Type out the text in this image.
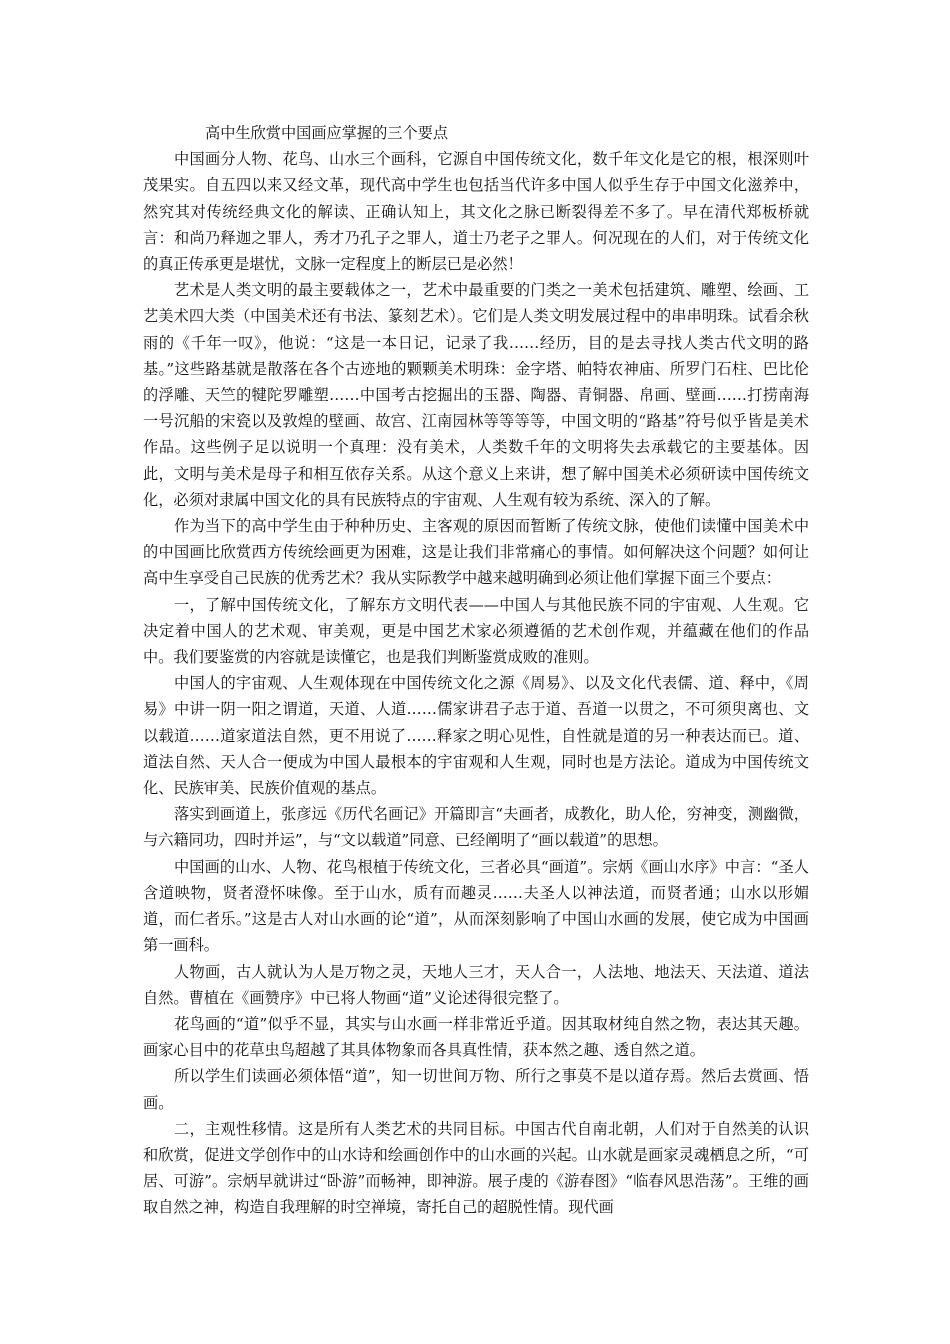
高中生欣赏中国画应掌握的三个要点

中国画分人物、花鸟、山水三个画科，它源自中国传统文化，数千年文化是它的根，根深则叶茂果实。自五四以来又经文革，现代高中学生也包括当代许多中国人似乎生存于中国文化滋养中，然究其对传统经典文化的解读、正确认知上，其文化之脉已断裂得差不多了。早在清代郑板桥就言：和尚乃释迦之罪人，秀才乃孔子之罪人，道士乃老子之罪人。何况现在的人们，对于传统文化的真正传承更是堪忧，文脉一定程度上的断层已是必然！

艺术是人类文明的最主要载体之一，艺术中最重要的门类之一美术包括建筑、雕塑、绘画、工艺美术四大类（中国美术还有书法、篆刻艺术）。它们是人类文明发展过程中的串串明珠。试看余秋雨的《千年一叹》，他说：“这是一本日记，记录了我……经历，目的是去寻找人类古代文明的路基。”这些路基就是散落在各个古迹地的颗颗美术明珠：金字塔、帕特农神庙、所罗门石柱、巴比伦的浮雕、天竺的犍陀罗雕塑……中国考古挖掘出的玉器、陶器、青铜器、帛画、壁画……打捞南海一号沉船的宋瓷以及敦煌的壁画、故宫、江南园林等等等等，中国文明的“路基”符号似乎皆是美术作品。这些例子足以说明一个真理：没有美术，人类数千年的文明将失去承载它的主要基体。因此，文明与美术是母子和相互依存关系。从这个意义上来讲，想了解中国美术必须研读中国传统文化，必须对隶属中国文化的具有民族特点的宇宙观、人生观有较为系统、深入的了解。

作为当下的高中学生由于种种历史、主客观的原因而暂断了传统文脉，使他们读懂中国美术中的中国画比欣赏西方传统绘画更为困难，这是让我们非常痛心的事情。如何解决这个问题？如何让高中生享受自己民族的优秀艺术？我从实际教学中越来越明确到必须让他们掌握下面三个要点：

一，了解中国传统文化，了解东方文明代表——中国人与其他民族不同的宇宙观、人生观。它决定着中国人的艺术观、审美观，更是中国艺术家必须遵循的艺术创作观，并蕴藏在他们的作品中。我们要鉴赏的内容就是读懂它，也是我们判断鉴赏成败的准则。

中国人的宇宙观、人生观体现在中国传统文化之源《周易》、以及文化代表儒、道、释中，《周易》中讲一阴一阳之谓道，天道、人道……儒家讲君子志于道、吾道一以贯之，不可须臾离也、文以载道……道家道法自然，更不用说了……释家之明心见性，自性就是道的另一种表达而已。道、道法自然、天人合一便成为中国人最根本的宇宙观和人生观，同时也是方法论。道成为中国传统文化、民族审美、民族价值观的基点。

落实到画道上，张彦远《历代名画记》开篇即言“夫画者，成教化，助人伦，穷神变，测幽微，与六籍同功，四时并运”，与“文以载道”同意、已经阐明了“画以载道”的思想。

中国画的山水、人物、花鸟根植于传统文化，三者必具“画道”。宗炳《画山水序》中言：“圣人含道映物，贤者澄怀味像。至于山水，质有而趣灵……夫圣人以神法道，而贤者通；山水以形媚道，而仁者乐。”这是古人对山水画的论“道”，从而深刻影响了中国山水画的发展，使它成为中国画第一画科。

人物画，古人就认为人是万物之灵，天地人三才，天人合一，人法地、地法天、天法道、道法自然。曹植在《画赞序》中已将人物画“道”义论述得很完整了。

花鸟画的“道”似乎不显，其实与山水画一样非常近乎道。因其取材纯自然之物，表达其天趣。画家心目中的花草虫鸟超越了其具体物象而各具真性情，获本然之趣、透自然之道。

所以学生们读画必须体悟“道”，知一切世间万物、所行之事莫不是以道存焉。然后去赏画、悟画。

二，主观性移情。这是所有人类艺术的共同目标。中国古代自南北朝，人们对于自然美的认识和欣赏，促进文学创作中的山水诗和绘画创作中的山水画的兴起。山水就是画家灵魂栖息之所，“可居、可游”。宗炳早就讲过“卧游”而畅神，即神游。展子虔的《游春图》“临春风思浩荡”。王维的画取自然之神，构造自我理解的时空禅境，寄托自己的超脱性情。现代画
